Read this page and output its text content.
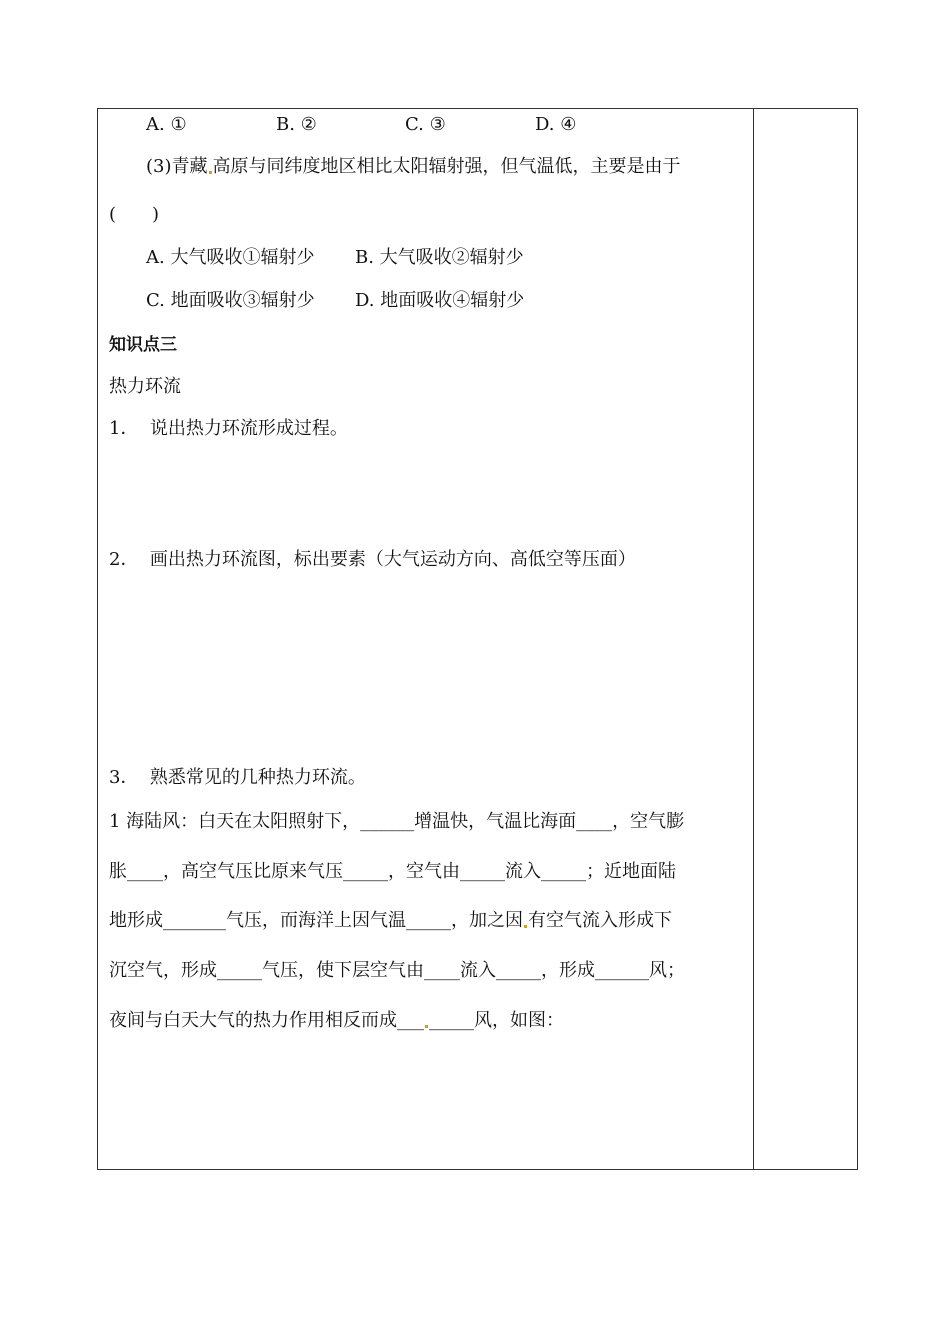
A. ①	B. ②	C. ③	D. ④
(3)青藏 高原与同纬度地区相比太阳辐射强，但气温低，主要是由于
(　　)
A. 大气吸收①辐射少 B. 大气吸收②辐射少
C. 地面吸收③辐射少 D. 地面吸收④辐射少
知识点三
热力环流
1．  说出热力环流形成过程。
2．  画出热力环流图，标出要素（大气运动方向、高低空等压面）
3．  熟悉常见的几种热力环流。
1 海陆风：白天在太阳照射下，______增温快，气温比海面____，空气膨
胀____，高空气压比原来气压_____，空气由_____流入_____；近地面陆
地形成_______气压，而海洋上因气温_____，加之因 有空气流入形成下
沉空气，形成_____气压，使下层空气由____流入_____，形成______风；
夜间与白天大气的热力作用相反而成___ _____风，如图：
